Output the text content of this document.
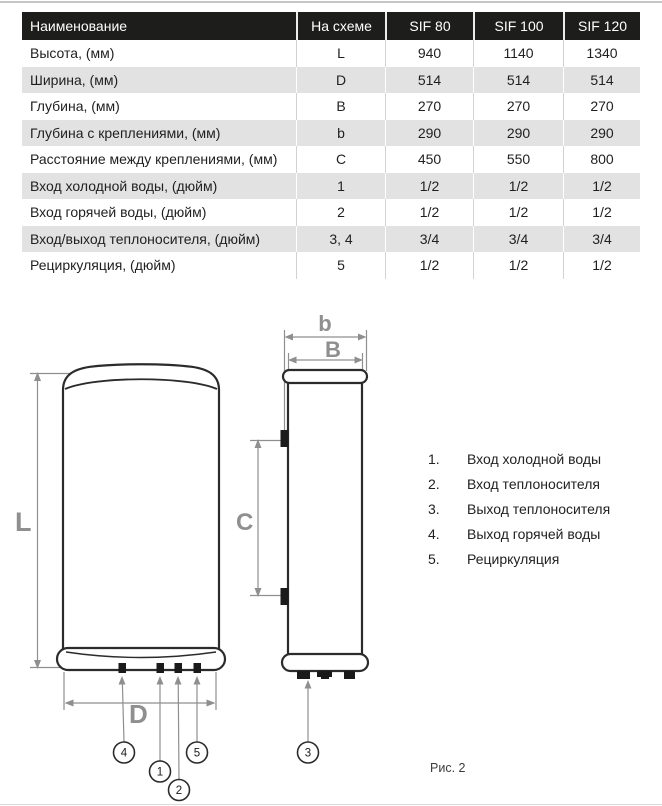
Наименование	На схеме	SIF 80	SIF 100	SIF 120
Высота, (мм)	L	940	1140	1340
Ширина, (мм)	D	514	514	514
Глубина, (мм)	B	270	270	270
Глубина с креплениями, (мм)	b	290	290	290
Расстояние между креплениями, (мм)	C	450	550	800
Вход холодной воды, (дюйм)	1	1/2	1/2	1/2
Вход горячей воды, (дюйм)	2	1/2	1/2	1/2
Вход/выход теплоносителя, (дюйм)	3, 4	3/4	3/4	3/4
Рециркуляция, (дюйм)	5	1/2	1/2	1/2
L
D
b
B
C
4
1
2
5	3
1.	Вход холодной воды
2.	Вход теплоносителя
3.	Выход теплоносителя
4.	Выход горячей воды
5.	Рециркуляция
Рис. 2
